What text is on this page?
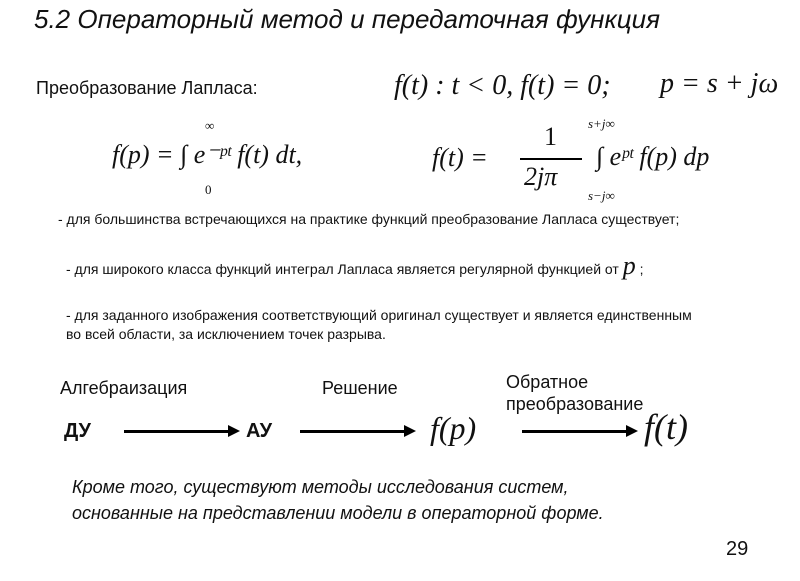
5.2 Операторный метод и передаточная функция
Преобразование Лапласа:	f(t) : t < 0, f(t) = 0; p = s + jω
∞
f(p) = ∫ e⁻ᵖᵗ f(t) dt,
0
f(t) =
1
2jπ
s+j∞
∫ eᵖᵗ f(p) dp
s−j∞
- для большинства встречающихся на практике функций преобразование Лапласа существует;
- для широкого класса функций интеграл Лапласа является регулярной функцией от p ;
- для заданного изображения соответствующий оригинал существует и является единственным во всей области, за исключением точек разрыва.
Алгебраизация	Решение	Обратное
преобразование
ДУ	АУ	f(p)	f(t)
Кроме того, существуют методы исследования систем,
основанные на представлении модели в операторной форме.
29
